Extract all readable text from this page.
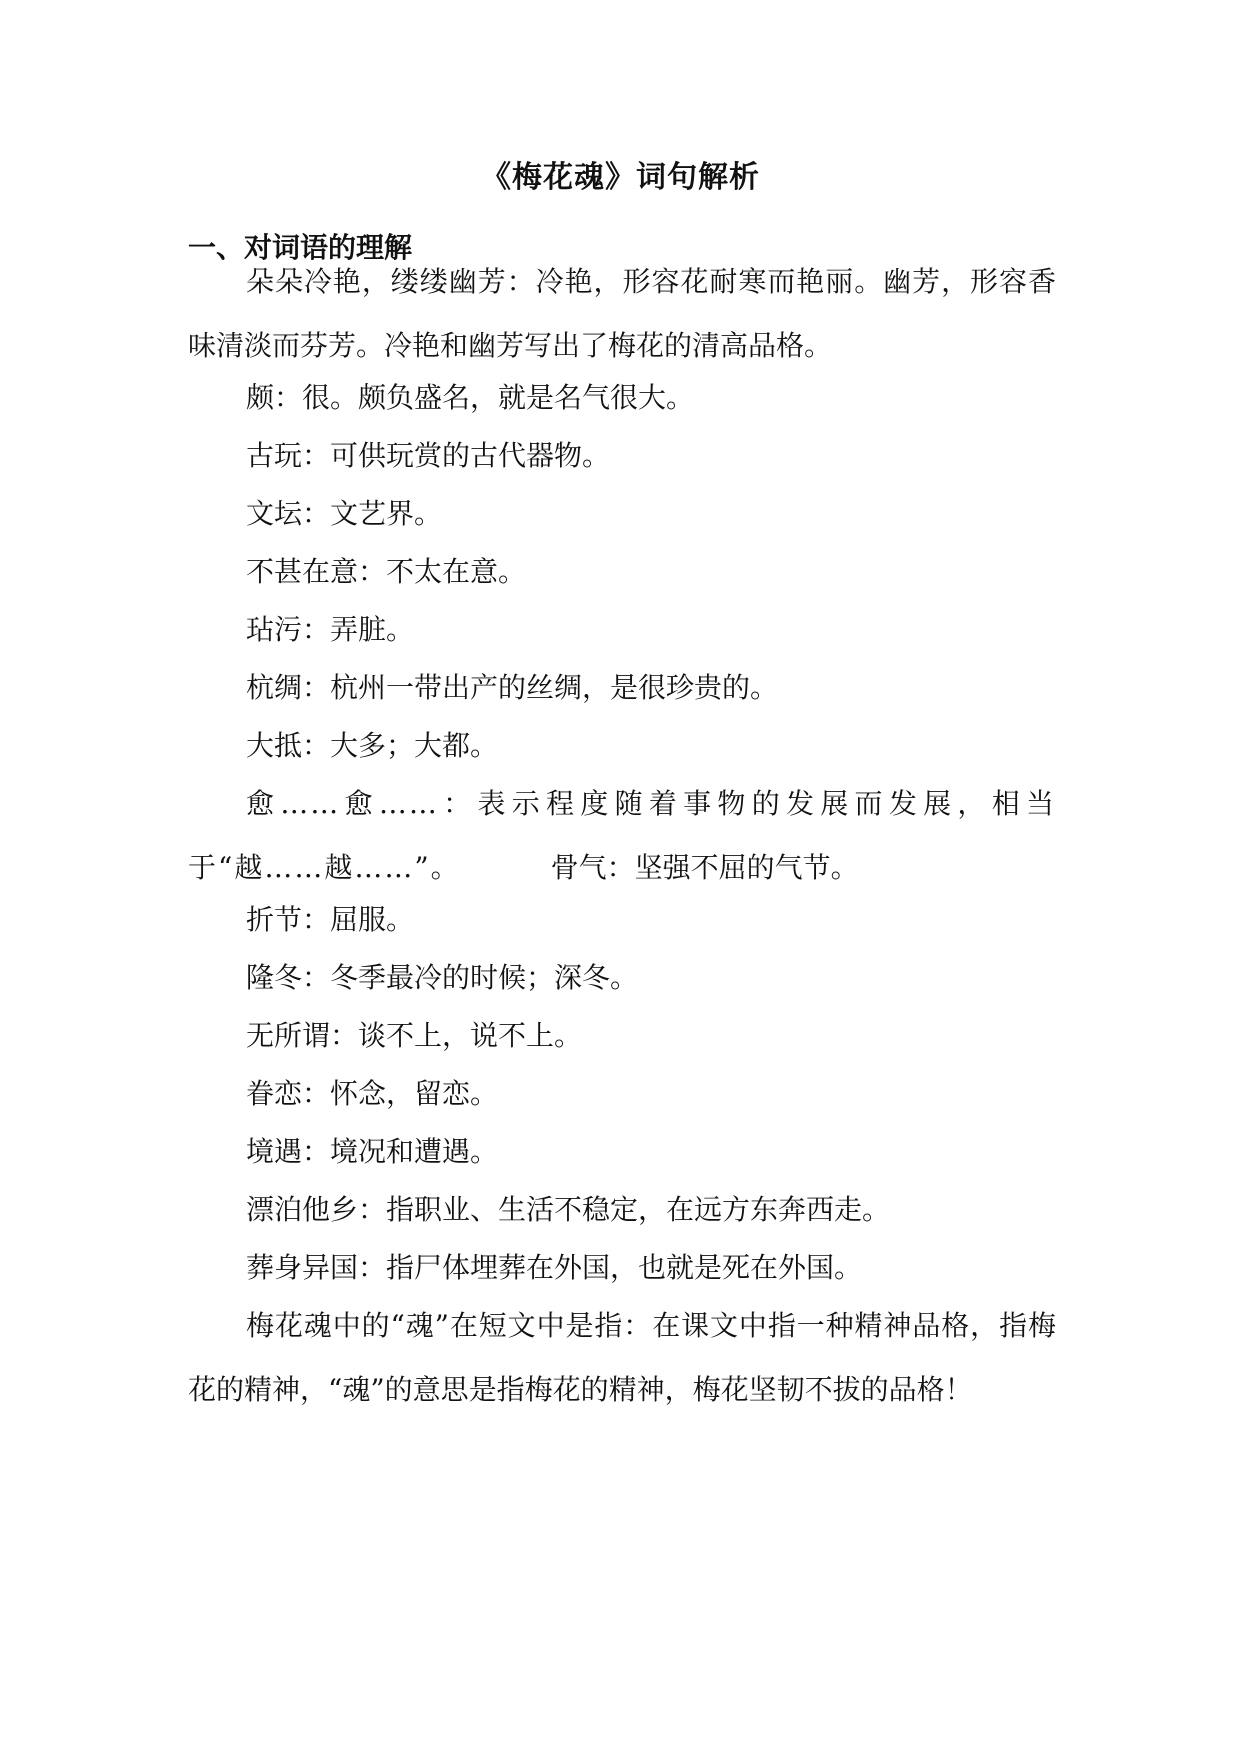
《梅花魂》词句解析
一、对词语的理解

朵朵冷艳，缕缕幽芳：冷艳，形容花耐寒而艳丽。幽芳，形容香味清淡而芬芳。冷艳和幽芳写出了梅花的清高品格。

颇：很。颇负盛名，就是名气很大。

古玩：可供玩赏的古代器物。

文坛：文艺界。

不甚在意：不太在意。

玷污：弄脏。

杭绸：杭州一带出产的丝绸，是很珍贵的。

大抵：大多；大都。

愈……愈……：表示程度随着事物的发展而发展，相当于“越……越……”。	骨气：坚强不屈的气节。

折节：屈服。

隆冬：冬季最冷的时候；深冬。

无所谓：谈不上，说不上。

眷恋：怀念，留恋。

境遇：境况和遭遇。

漂泊他乡：指职业、生活不稳定，在远方东奔西走。

葬身异国：指尸体埋葬在外国，也就是死在外国。

梅花魂中的“魂”在短文中是指：在课文中指一种精神品格，指梅花的精神，“魂”的意思是指梅花的精神，梅花坚韧不拔的品格！
